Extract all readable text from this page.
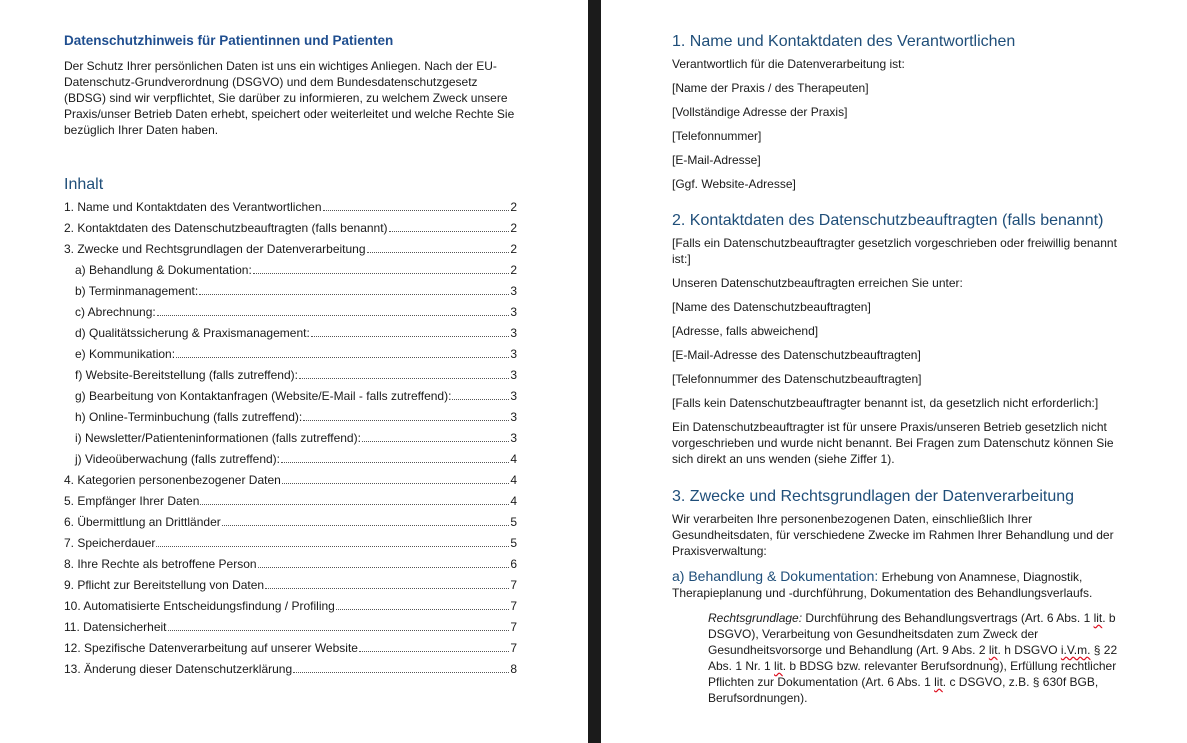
Datenschutzhinweis für Patientinnen und Patienten
Der Schutz Ihrer persönlichen Daten ist uns ein wichtiges Anliegen. Nach der EU-
Datenschutz-Grundverordnung (DSGVO) und dem Bundesdatenschutzgesetz
(BDSG) sind wir verpflichtet, Sie darüber zu informieren, zu welchem Zweck unsere
Praxis/unser Betrieb Daten erhebt, speichert oder weiterleitet und welche Rechte Sie
bezüglich Ihrer Daten haben.
Inhalt
1. Name und Kontaktdaten des Verantwortlichen	2
2. Kontaktdaten des Datenschutzbeauftragten (falls benannt)	2
3. Zwecke und Rechtsgrundlagen der Datenverarbeitung	2
a) Behandlung & Dokumentation:	2
b) Terminmanagement:	3
c) Abrechnung:	3
d) Qualitätssicherung & Praxismanagement:	3
e) Kommunikation:	3
f) Website-Bereitstellung (falls zutreffend):	3
g) Bearbeitung von Kontaktanfragen (Website/E-Mail - falls zutreffend):	3
h) Online-Terminbuchung (falls zutreffend):	3
i) Newsletter/Patienteninformationen (falls zutreffend):	3
j) Videoüberwachung (falls zutreffend):	4
4. Kategorien personenbezogener Daten	4
5. Empfänger Ihrer Daten	4
6. Übermittlung an Drittländer	5
7. Speicherdauer	5
8. Ihre Rechte als betroffene Person	6
9. Pflicht zur Bereitstellung von Daten	7
10. Automatisierte Entscheidungsfindung / Profiling	7
11. Datensicherheit	7
12. Spezifische Datenverarbeitung auf unserer Website	7
13. Änderung dieser Datenschutzerklärung	8
1. Name und Kontaktdaten des Verantwortlichen
Verantwortlich für die Datenverarbeitung ist:
[Name der Praxis / des Therapeuten]
[Vollständige Adresse der Praxis]
[Telefonnummer]
[E-Mail-Adresse]
[Ggf. Website-Adresse]
2. Kontaktdaten des Datenschutzbeauftragten (falls benannt)
[Falls ein Datenschutzbeauftragter gesetzlich vorgeschrieben oder freiwillig benannt
ist:]
Unseren Datenschutzbeauftragten erreichen Sie unter:
[Name des Datenschutzbeauftragten]
[Adresse, falls abweichend]
[E-Mail-Adresse des Datenschutzbeauftragten]
[Telefonnummer des Datenschutzbeauftragten]
[Falls kein Datenschutzbeauftragter benannt ist, da gesetzlich nicht erforderlich:]
Ein Datenschutzbeauftragter ist für unsere Praxis/unseren Betrieb gesetzlich nicht
vorgeschrieben und wurde nicht benannt. Bei Fragen zum Datenschutz können Sie
sich direkt an uns wenden (siehe Ziffer 1).
3. Zwecke und Rechtsgrundlagen der Datenverarbeitung
Wir verarbeiten Ihre personenbezogenen Daten, einschließlich Ihrer
Gesundheitsdaten, für verschiedene Zwecke im Rahmen Ihrer Behandlung und der
Praxisverwaltung:
a) Behandlung & Dokumentation: Erhebung von Anamnese, Diagnostik,
Therapieplanung und -durchführung, Dokumentation des Behandlungsverlaufs.
Rechtsgrundlage: Durchführung des Behandlungsvertrags (Art. 6 Abs. 1 lit. b DSGVO), Verarbeitung von Gesundheitsdaten zum Zweck der Gesundheitsvorsorge und Behandlung (Art. 9 Abs. 2 lit. h DSGVO i.V.m. § 22 Abs. 1 Nr. 1 lit. b BDSG bzw. relevanter Berufsordnung), Erfüllung rechtlicher Pflichten zur Dokumentation (Art. 6 Abs. 1 lit. c DSGVO, z.B. § 630f BGB, Berufsordnungen).
